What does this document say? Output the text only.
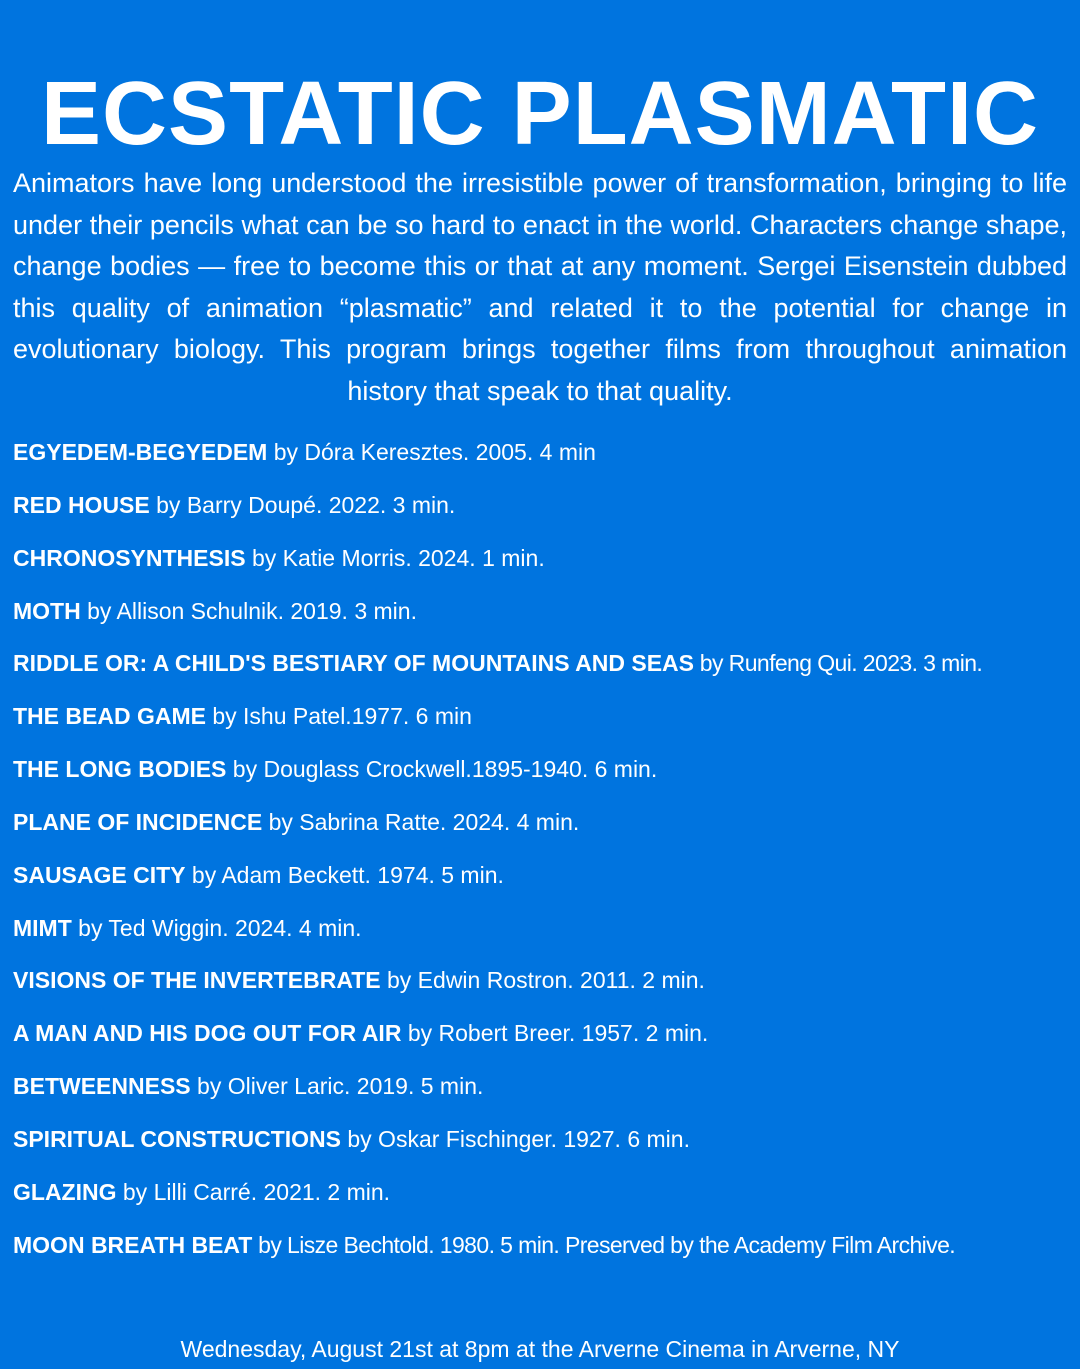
ECSTATIC PLASMATIC

Animators have long understood the irresistible power of transformation, bringing to life under their pencils what can be so hard to enact in the world. Characters change shape, change bodies — free to become this or that at any moment. Sergei Eisenstein dubbed this quality of animation “plasmatic” and related it to the potential for change in evolutionary biology. This program brings together films from throughout animation history that speak to that quality.

EGYEDEM-BEGYEDEM by Dóra Keresztes. 2005. 4 min
RED HOUSE by Barry Doupé. 2022. 3 min.
CHRONOSYNTHESIS by Katie Morris. 2024. 1 min.
MOTH by Allison Schulnik. 2019. 3 min.
RIDDLE OR: A CHILD'S BESTIARY OF MOUNTAINS AND SEAS by Runfeng Qui. 2023. 3 min.
THE BEAD GAME by Ishu Patel.1977. 6 min
THE LONG BODIES by Douglass Crockwell.1895-1940. 6 min.
PLANE OF INCIDENCE by Sabrina Ratte. 2024. 4 min.
SAUSAGE CITY by Adam Beckett. 1974. 5 min.
MIMT by Ted Wiggin. 2024. 4 min.
VISIONS OF THE INVERTEBRATE by Edwin Rostron. 2011. 2 min.
A MAN AND HIS DOG OUT FOR AIR by Robert Breer. 1957. 2 min.
BETWEENNESS by Oliver Laric. 2019. 5 min.
SPIRITUAL CONSTRUCTIONS by Oskar Fischinger. 1927. 6 min.
GLAZING by Lilli Carré. 2021. 2 min.
MOON BREATH BEAT by Lisze Bechtold. 1980. 5 min. Preserved by the Academy Film Archive.

Wednesday, August 21st at 8pm at the Arverne Cinema in Arverne, NY
